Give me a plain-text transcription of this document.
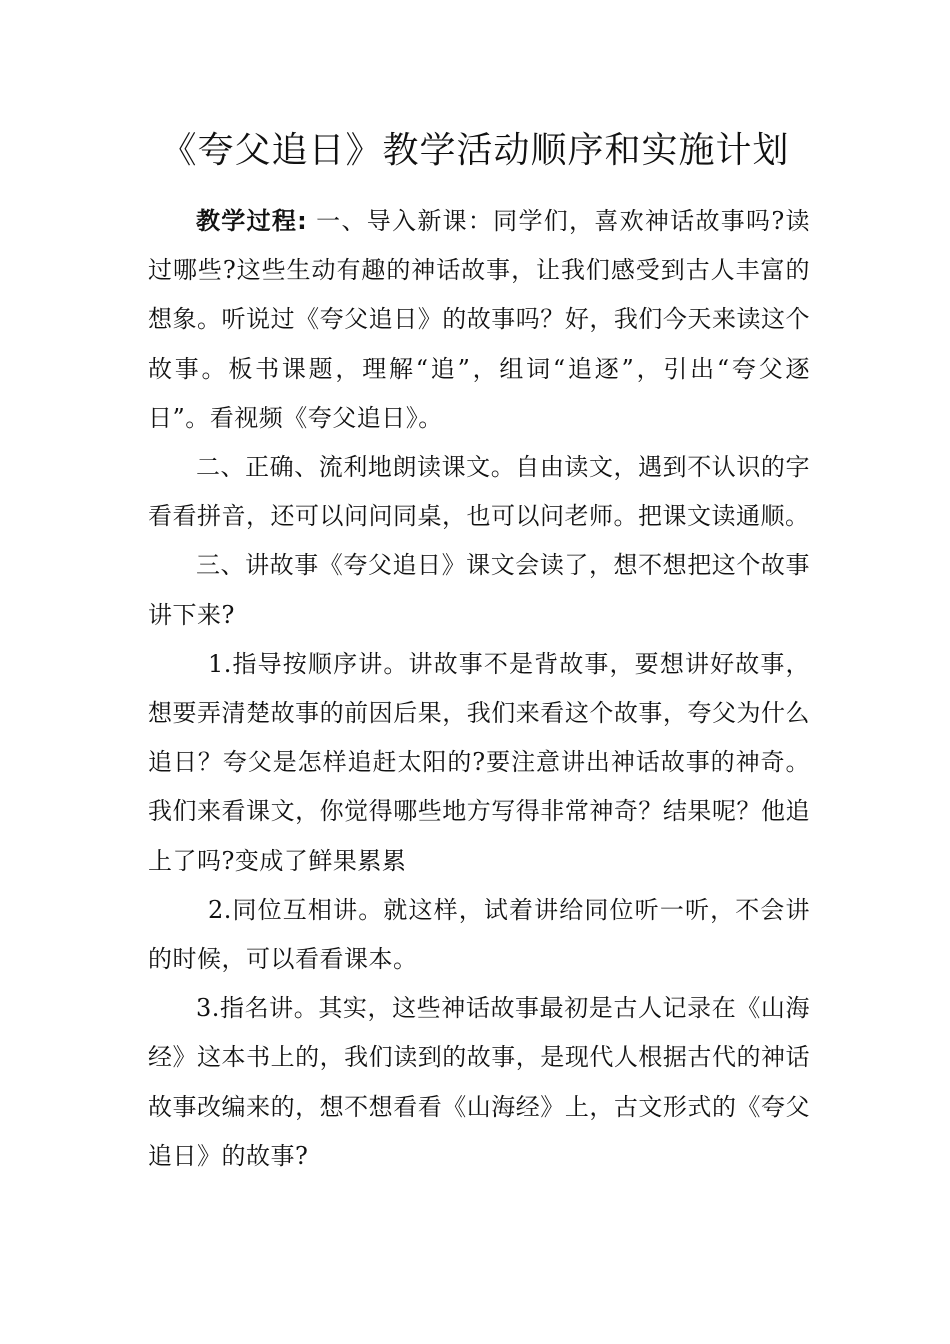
《夸父追日》教学活动顺序和实施计划

教学过程: 一、导入新课：同学们，喜欢神话故事吗?读过哪些?这些生动有趣的神话故事，让我们感受到古人丰富的想象。听说过《夸父追日》的故事吗？好，我们今天来读这个故事。板书课题，理解“追”，组词“追逐”，引出“夸父逐日”。看视频《夸父追日》。

二、正确、流利地朗读课文。自由读文，遇到不认识的字看看拼音，还可以问问同桌，也可以问老师。把课文读通顺。

三、讲故事《夸父追日》课文会读了，想不想把这个故事讲下来?

1.指导按顺序讲。讲故事不是背故事，要想讲好故事，想要弄清楚故事的前因后果，我们来看这个故事，夸父为什么追日？夸父是怎样追赶太阳的?要注意讲出神话故事的神奇。我们来看课文，你觉得哪些地方写得非常神奇？结果呢？他追上了吗?变成了鲜果累累

2.同位互相讲。就这样，试着讲给同位听一听，不会讲的时候，可以看看课本。

3.指名讲。其实，这些神话故事最初是古人记录在《山海经》这本书上的，我们读到的故事，是现代人根据古代的神话故事改编来的，想不想看看《山海经》上，古文形式的《夸父追日》的故事?
